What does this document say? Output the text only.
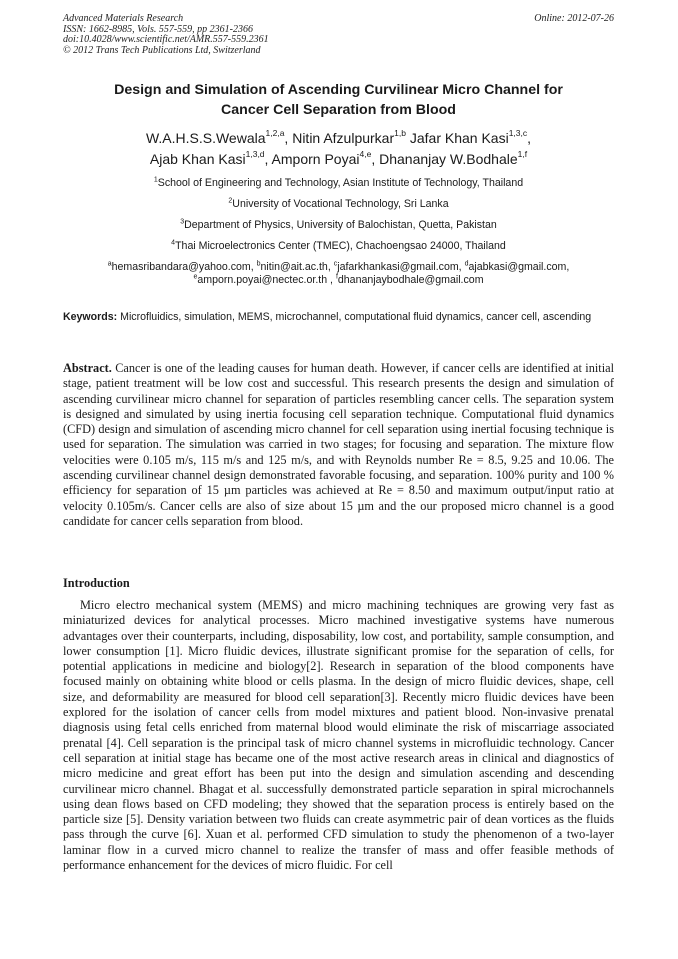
Advanced Materials Research
ISSN: 1662-8985, Vols. 557-559, pp 2361-2366
doi:10.4028/www.scientific.net/AMR.557-559.2361
© 2012 Trans Tech Publications Ltd, Switzerland
Online: 2012-07-26
Design and Simulation of Ascending Curvilinear Micro Channel for
Cancer Cell Separation from Blood
W.A.H.S.S.Wewala$^{1,2,a}$, Nitin Afzulpurkar$^{1,b}$ Jafar Khan Kasi$^{1,3,c}$,
Ajab Khan Kasi$^{1,3,d}$, Amporn Poyai$^{4,e}$, Dhananjay W.Bodhale$^{1,f}$
$^1$School of Engineering and Technology, Asian Institute of Technology, Thailand
$^2$University of Vocational Technology, Sri Lanka
$^3$Department of Physics, University of Balochistan, Quetta, Pakistan
$^4$Thai Microelectronics Center (TMEC), Chachoengsao 24000, Thailand
$^a$hemasribandara@yahoo.com, $^b$nitin@ait.ac.th, $^c$jafarkhankasi@gmail.com, $^d$ajabkasi@gmail.com,
$^e$amporn.poyai@nectec.or.th , $^f$dhananjaybodhale@gmail.com
Keywords: Microfluidics, simulation, MEMS, microchannel, computational fluid dynamics, cancer cell, ascending

Abstract. Cancer is one of the leading causes for human death. However, if cancer cells are identified at initial stage, patient treatment will be low cost and successful. This research presents the design and simulation of ascending curvilinear micro channel for separation of particles resembling cancer cells. The separation system is designed and simulated by using inertia focusing cell separation technique. Computational fluid dynamics (CFD) design and simulation of ascending micro channel for cell separation using inertial focusing technique is used for separation. The simulation was carried in two stages; for focusing and separation. The mixture flow velocities were 0.105 m/s, 115 m/s and 125 m/s, and with Reynolds number Re = 8.5, 9.25 and 10.06. The ascending curvilinear channel design demonstrated favorable focusing, and separation. 100% purity and 100 % efficiency for separation of 15 µm particles was achieved at Re = 8.50 and maximum output/input ratio at velocity 0.105m/s. Cancer cells are also of size about 15 µm and the our proposed micro channel is a good candidate for cancer cells separation from blood.

Introduction

Micro electro mechanical system (MEMS) and micro machining techniques are growing very fast as miniaturized devices for analytical processes. Micro machined investigative systems have numerous advantages over their counterparts, including, disposability, low cost, and portability, sample consumption, and lower consumption [1]. Micro fluidic devices, illustrate significant promise for the separation of cells, for potential applications in medicine and biology[2]. Research in separation of the blood components have focused mainly on obtaining white blood or cells plasma. In the design of micro fluidic devices, shape, cell size, and deformability are measured for blood cell separation[3]. Recently micro fluidic devices have been explored for the isolation of cancer cells from model mixtures and patient blood. Non-invasive prenatal diagnosis using fetal cells enriched from maternal blood would eliminate the risk of miscarriage associated prenatal [4]. Cell separation is the principal task of micro channel systems in microfluidic technology. Cancer cell separation at initial stage has became one of the most active research areas in clinical and diagnostics of micro medicine and great effort has been put into the design and simulation ascending and descending curvilinear micro channel. Bhagat et al. successfully demonstrated particle separation in spiral microchannels using dean flows based on CFD modeling; they showed that the separation process is entirely based on the particle size [5]. Density variation between two fluids can create asymmetric pair of dean vortices as the fluids pass through the curve [6]. Xuan et al. performed CFD simulation to study the phenomenon of a two-layer laminar flow in a curved micro channel to realize the transfer of mass and offer feasible methods of performance enhancement for the devices of micro fluidic. For cell
